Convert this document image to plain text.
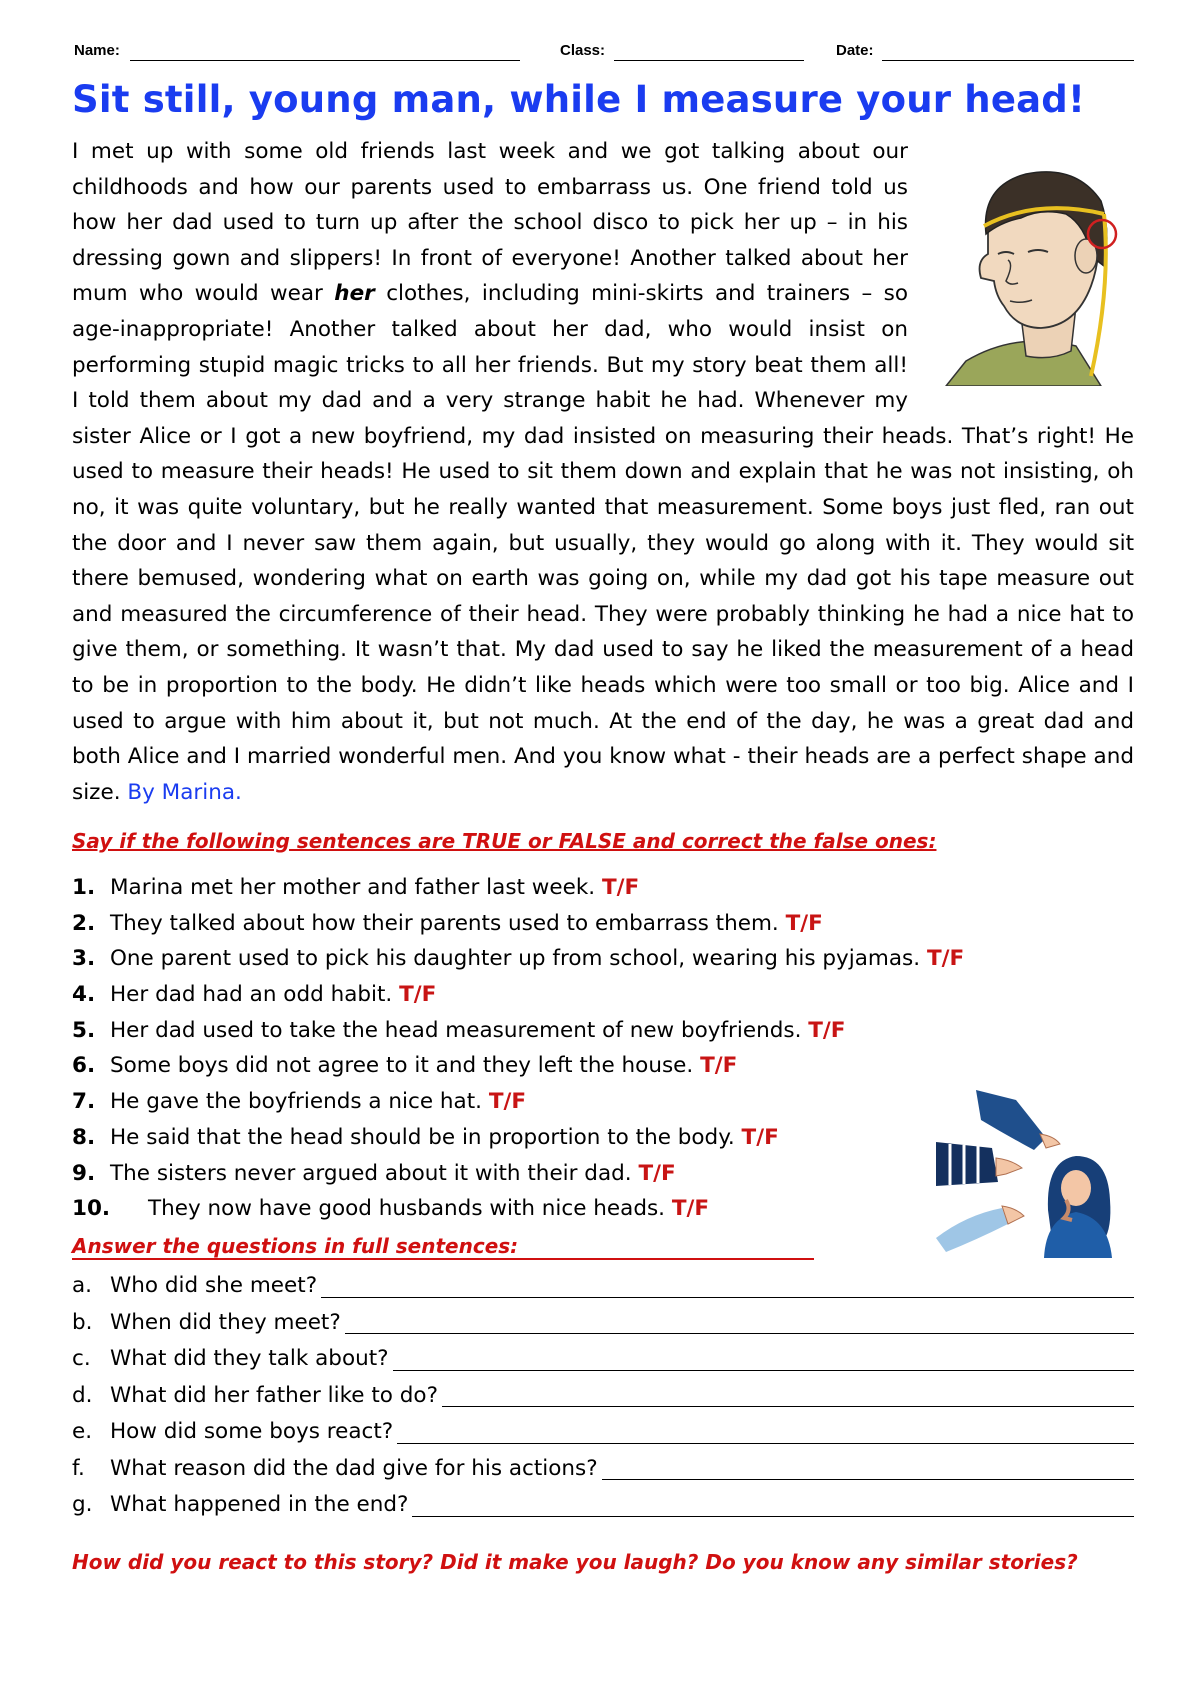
Name:	Class:	Date:
Sit still, young man, while I measure your head!

I met up with some old friends last week and we got talking about our childhoods and how our parents used to embarrass us. One friend told us how her dad used to turn up after the school disco to pick her up – in his dressing gown and slippers! In front of everyone! Another talked about her mum who would wear her clothes, including mini-skirts and trainers – so age-inappropriate! Another talked about her dad, who would insist on performing stupid magic tricks to all her friends. But my story beat them all! I told them about my dad and a very strange habit he had. Whenever my sister Alice or I got a new boyfriend, my dad insisted on measuring their heads. That’s right! He used to measure their heads! He used to sit them down and explain that he was not insisting, oh no, it was quite voluntary, but he really wanted that measurement. Some boys just fled, ran out the door and I never saw them again, but usually, they would go along with it. They would sit there bemused, wondering what on earth was going on, while my dad got his tape measure out and measured the circumference of their head. They were probably thinking he had a nice hat to give them, or something. It wasn’t that. My dad used to say he liked the measurement of a head to be in proportion to the body. He didn’t like heads which were too small or too big. Alice and I used to argue with him about it, but not much. At the end of the day, he was a great dad and both Alice and I married wonderful men. And you know what - their heads are a perfect shape and size. By Marina.

Say if the following sentences are TRUE or FALSE and correct the false ones:

1. Marina met her mother and father last week. T/F
2. They talked about how their parents used to embarrass them. T/F
3. One parent used to pick his daughter up from school, wearing his pyjamas. T/F
4. Her dad had an odd habit. T/F
5. Her dad used to take the head measurement of new boyfriends. T/F
6. Some boys did not agree to it and they left the house. T/F
7. He gave the boyfriends a nice hat. T/F
8. He said that the head should be in proportion to the body. T/F
9. The sisters never argued about it with their dad. T/F
10. They now have good husbands with nice heads. T/F

Answer the questions in full sentences:

a. Who did she meet?
b. When did they meet?
c. What did they talk about?
d. What did her father like to do?
e. How did some boys react?
f.	What reason did the dad give for his actions?
g. What happened in the end?

How did you react to this story? Did it make you laugh? Do you know any similar stories?
